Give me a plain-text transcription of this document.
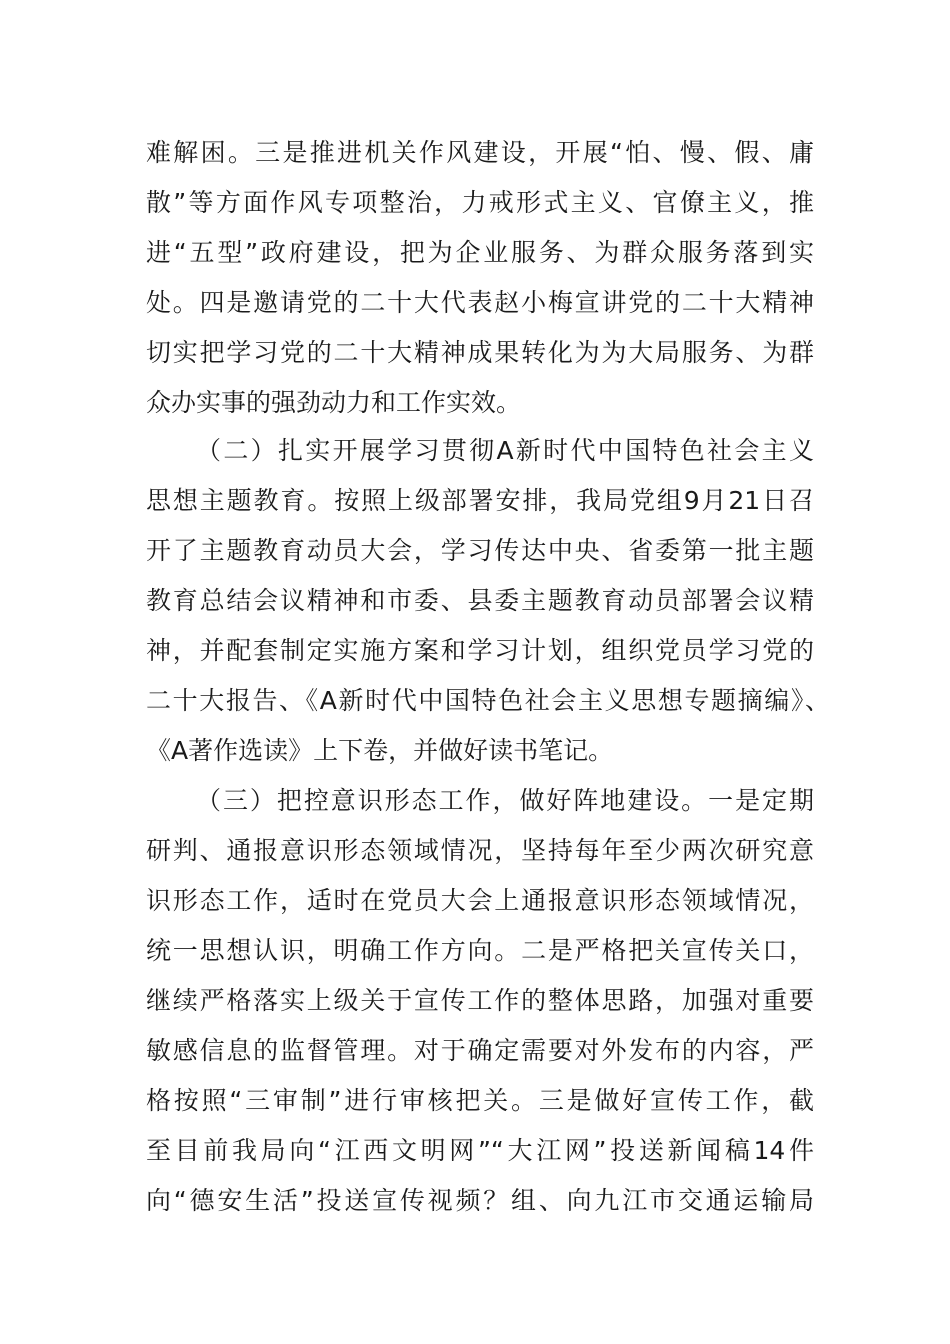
难解困。三是推进机关作风建设，开展“怕、慢、假、庸
散”等方面作风专项整治，力戒形式主义、官僚主义，推
进“五型”政府建设，把为企业服务、为群众服务落到实
处。四是邀请党的二十大代表赵小梅宣讲党的二十大精神
切实把学习党的二十大精神成果转化为为大局服务、为群
众办实事的强劲动力和工作实效。
（二）扎实开展学习贯彻A新时代中国特色社会主义
思想主题教育。按照上级部署安排，我局党组9月21日召
开了主题教育动员大会，学习传达中央、省委第一批主题
教育总结会议精神和市委、县委主题教育动员部署会议精
神，并配套制定实施方案和学习计划，组织党员学习党的
二十大报告、《A新时代中国特色社会主义思想专题摘编》、
《A著作选读》上下卷，并做好读书笔记。
（三）把控意识形态工作，做好阵地建设。一是定期
研判、通报意识形态领域情况，坚持每年至少两次研究意
识形态工作，适时在党员大会上通报意识形态领域情况，
统一思想认识，明确工作方向。二是严格把关宣传关口，
继续严格落实上级关于宣传工作的整体思路，加强对重要
敏感信息的监督管理。对于确定需要对外发布的内容，严
格按照“三审制”进行审核把关。三是做好宣传工作，截
至目前我局向“江西文明网”“大江网”投送新闻稿14件
向“德安生活”投送宣传视频？组、向九江市交通运输局
